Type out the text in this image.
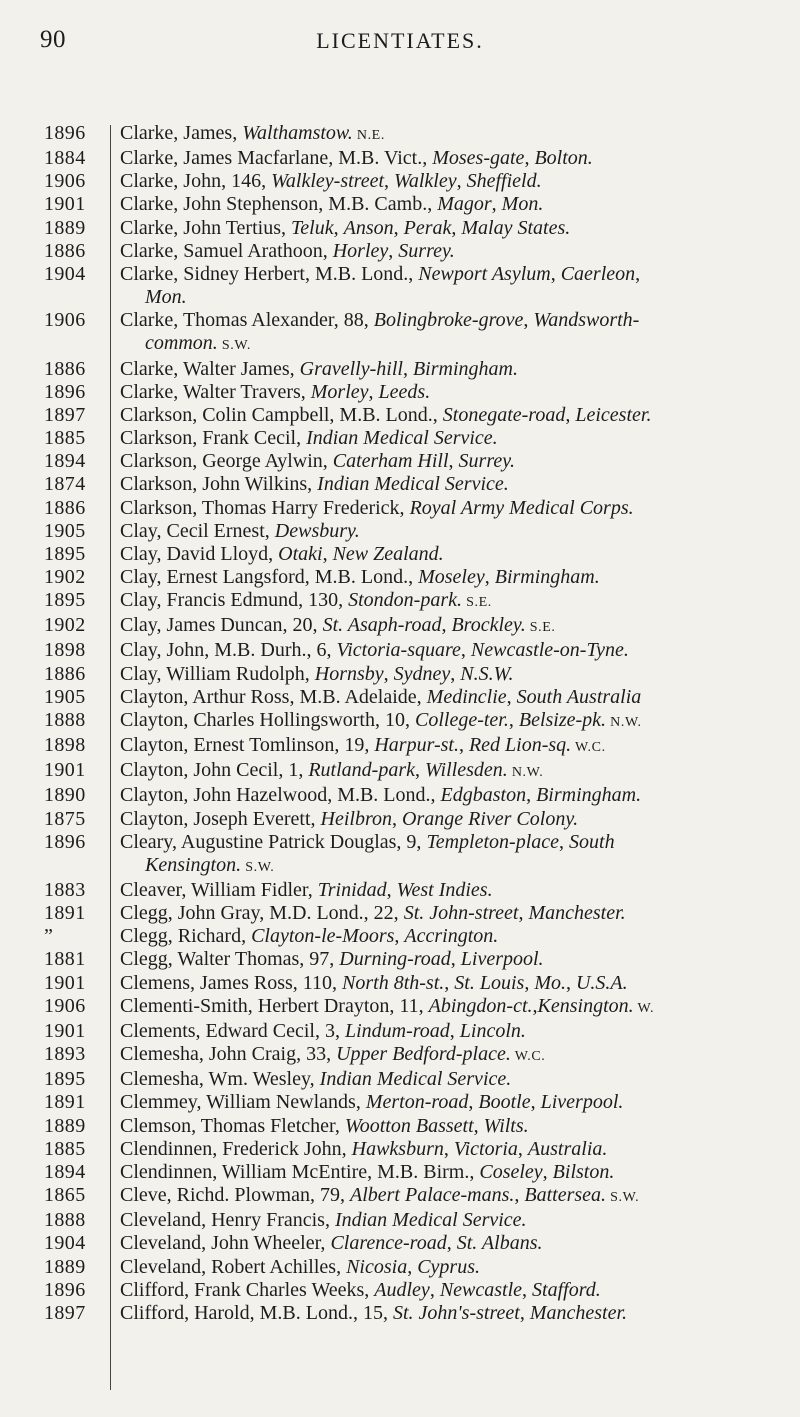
90	LICENTIATES.
1896	Clarke, James, Walthamstow. N.E.
1884	Clarke, James Macfarlane, M.B. Vict., Moses-gate, Bolton.
1906	Clarke, John, 146, Walkley-street, Walkley, Sheffield.
1901	Clarke, John Stephenson, M.B. Camb., Magor, Mon.
1889	Clarke, John Tertius, Teluk, Anson, Perak, Malay States.
1886	Clarke, Samuel Arathoon, Horley, Surrey.
1904	Clarke, Sidney Herbert, M.B. Lond., Newport Asylum, Caerleon,
Mon.
1906	Clarke, Thomas Alexander, 88, Bolingbroke-grove, Wandsworth-
common. S.W.
1886	Clarke, Walter James, Gravelly-hill, Birmingham.
1896	Clarke, Walter Travers, Morley, Leeds.
1897	Clarkson, Colin Campbell, M.B. Lond., Stonegate-road, Leicester.
1885	Clarkson, Frank Cecil, Indian Medical Service.
1894	Clarkson, George Aylwin, Caterham Hill, Surrey.
1874	Clarkson, John Wilkins, Indian Medical Service.
1886	Clarkson, Thomas Harry Frederick, Royal Army Medical Corps.
1905	Clay, Cecil Ernest, Dewsbury.
1895	Clay, David Lloyd, Otaki, New Zealand.
1902	Clay, Ernest Langsford, M.B. Lond., Moseley, Birmingham.
1895	Clay, Francis Edmund, 130, Stondon-park. S.E.
1902	Clay, James Duncan, 20, St. Asaph-road, Brockley. S.E.
1898	Clay, John, M.B. Durh., 6, Victoria-square, Newcastle-on-Tyne.
1886	Clay, William Rudolph, Hornsby, Sydney, N.S.W.
1905	Clayton, Arthur Ross, M.B. Adelaide, Medinclie, South Australia
1888	Clayton, Charles Hollingsworth, 10, College-ter., Belsize-pk. N.W.
1898	Clayton, Ernest Tomlinson, 19, Harpur-st., Red Lion-sq. W.C.
1901	Clayton, John Cecil, 1, Rutland-park, Willesden. N.W.
1890	Clayton, John Hazelwood, M.B. Lond., Edgbaston, Birmingham.
1875	Clayton, Joseph Everett, Heilbron, Orange River Colony.
1896	Cleary, Augustine Patrick Douglas, 9, Templeton-place, South
Kensington. S.W.
1883	Cleaver, William Fidler, Trinidad, West Indies.
1891	Clegg, John Gray, M.D. Lond., 22, St. John-street, Manchester.
”	Clegg, Richard, Clayton-le-Moors, Accrington.
1881	Clegg, Walter Thomas, 97, Durning-road, Liverpool.
1901	Clemens, James Ross, 110, North 8th-st., St. Louis, Mo., U.S.A.
1906	Clementi-Smith, Herbert Drayton, 11, Abingdon-ct.,Kensington. W.
1901	Clements, Edward Cecil, 3, Lindum-road, Lincoln.
1893	Clemesha, John Craig, 33, Upper Bedford-place. W.C.
1895	Clemesha, Wm. Wesley, Indian Medical Service.
1891	Clemmey, William Newlands, Merton-road, Bootle, Liverpool.
1889	Clemson, Thomas Fletcher, Wootton Bassett, Wilts.
1885	Clendinnen, Frederick John, Hawksburn, Victoria, Australia.
1894	Clendinnen, William McEntire, M.B. Birm., Coseley, Bilston.
1865	Cleve, Richd. Plowman, 79, Albert Palace-mans., Battersea. S.W.
1888	Cleveland, Henry Francis, Indian Medical Service.
1904	Cleveland, John Wheeler, Clarence-road, St. Albans.
1889	Cleveland, Robert Achilles, Nicosia, Cyprus.
1896	Clifford, Frank Charles Weeks, Audley, Newcastle, Stafford.
1897	Clifford, Harold, M.B. Lond., 15, St. John's-street, Manchester.
